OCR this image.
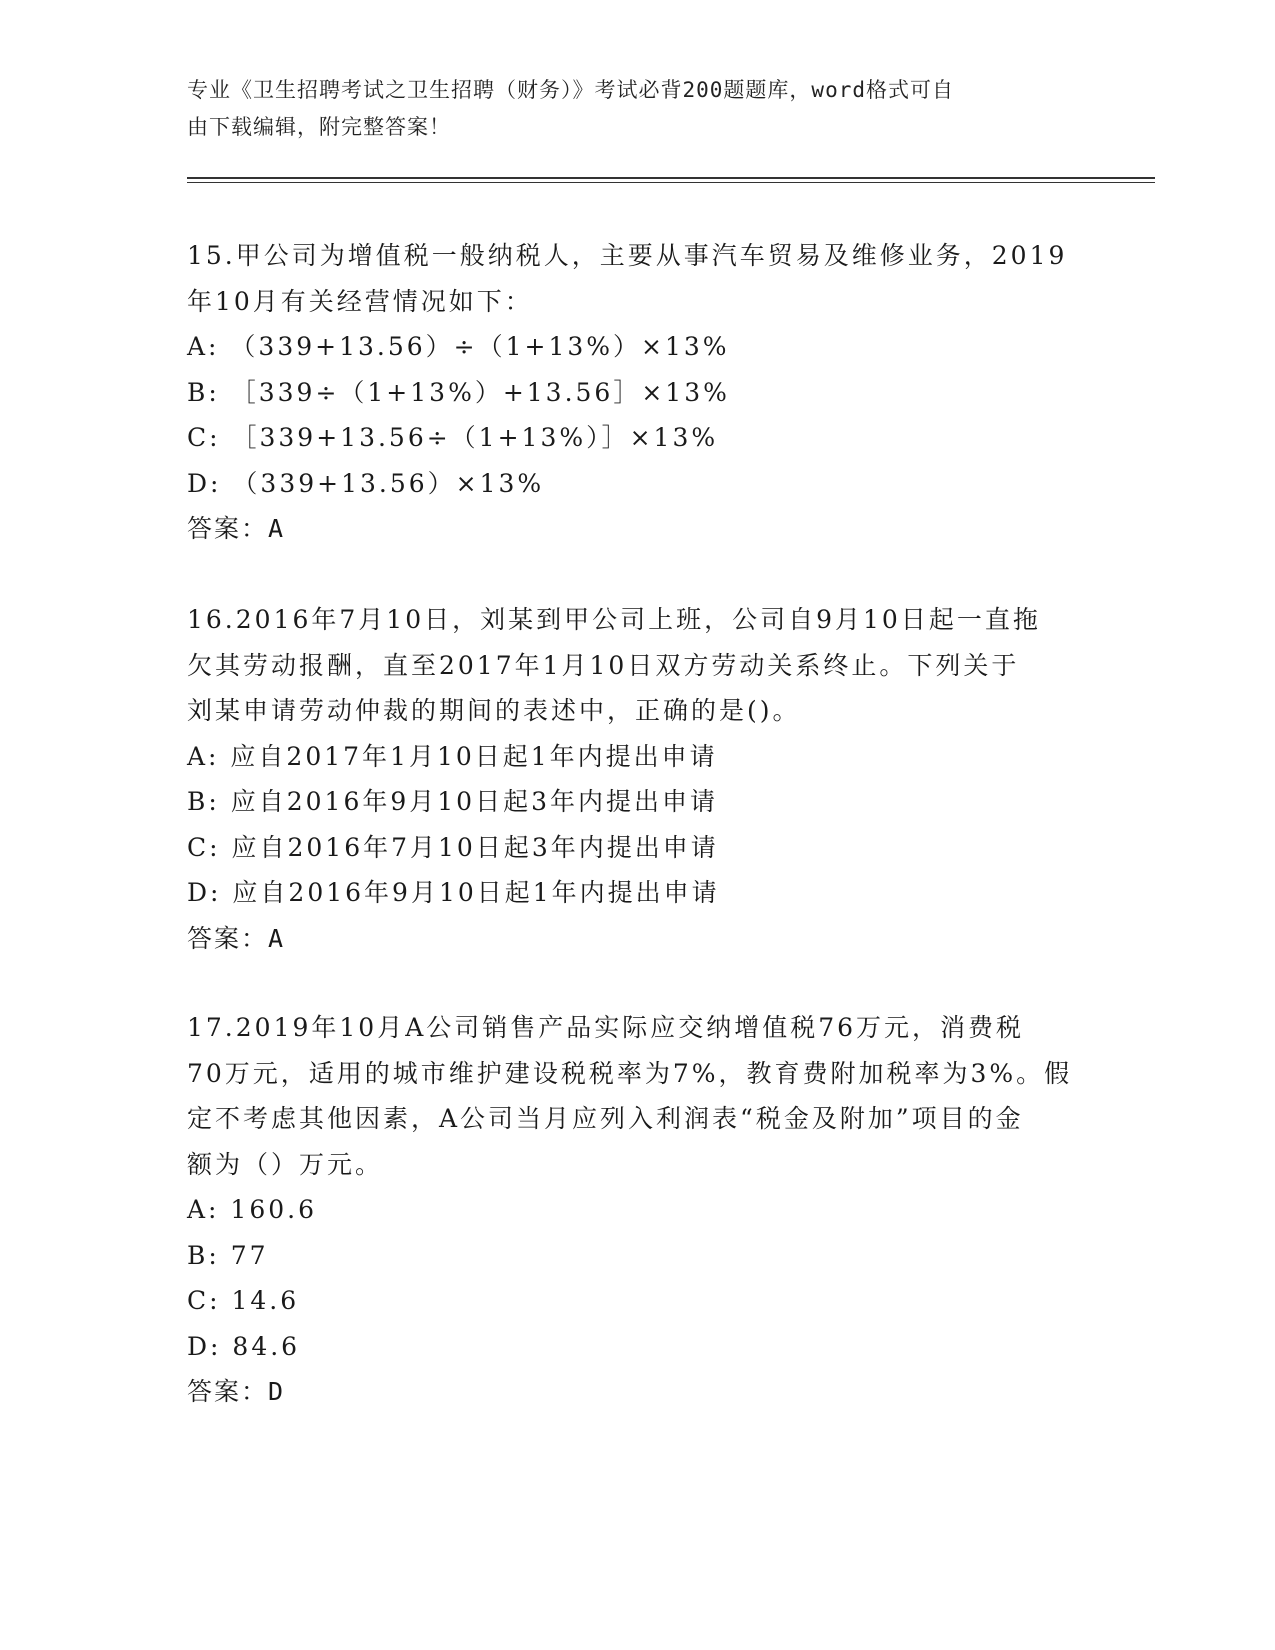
专业《卫生招聘考试之卫生招聘（财务）》考试必背200题题库，word格式可自
由下载编辑，附完整答案！

15.甲公司为增值税一般纳税人，主要从事汽车贸易及维修业务，2019

年10月有关经营情况如下：

A: （339+13.56）÷（1+13%）×13%

B: ［339÷（1+13%）+13.56］×13%

C: ［339+13.56÷（1+13%）］×13%

D: （339+13.56）×13%

答案：A

16.2016年7月10日，刘某到甲公司上班，公司自9月10日起一直拖

欠其劳动报酬，直至2017年1月10日双方劳动关系终止。下列关于

刘某申请劳动仲裁的期间的表述中，正确的是()。

A: 应自2017年1月10日起1年内提出申请

B: 应自2016年9月10日起3年内提出申请

C: 应自2016年7月10日起3年内提出申请

D: 应自2016年9月10日起1年内提出申请

答案：A

17.2019年10月A公司销售产品实际应交纳增值税76万元，消费税

70万元，适用的城市维护建设税税率为7%，教育费附加税率为3%。假

定不考虑其他因素，A公司当月应列入利润表“税金及附加”项目的金

额为（）万元。

A: 160.6

B: 77

C: 14.6

D: 84.6

答案：D
